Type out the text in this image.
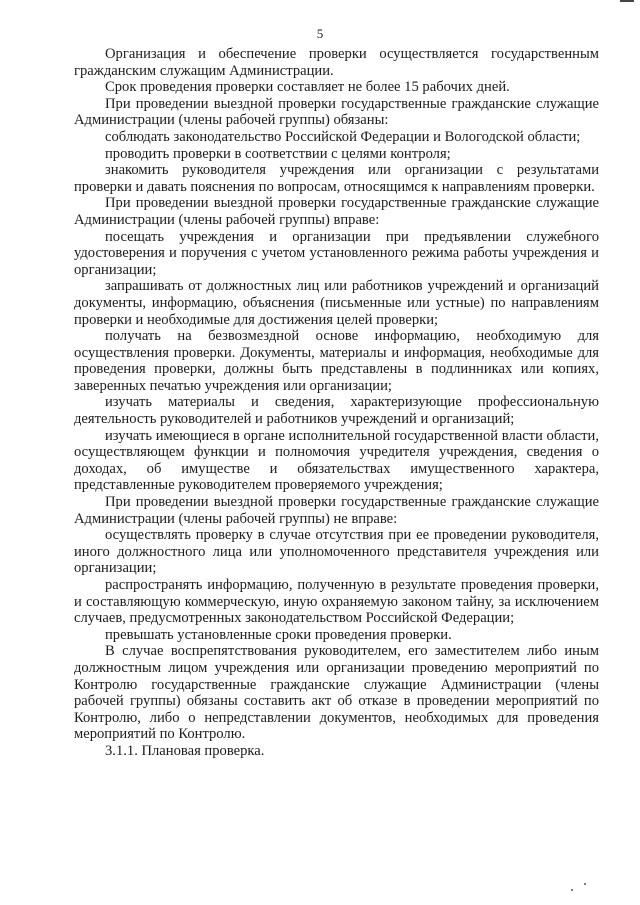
5

Организация и обеспечение проверки осуществляется государственным гражданским служащим Администрации.

Срок проведения проверки составляет не более 15 рабочих дней.

При проведении выездной проверки государственные гражданские служащие Администрации (члены рабочей группы) обязаны:

соблюдать законодательство Российской Федерации и Вологодской области;

проводить проверки в соответствии с целями контроля;

знакомить руководителя учреждения или организации с результатами проверки и давать пояснения по вопросам, относящимся к направлениям проверки.

При проведении выездной проверки государственные гражданские служащие Администрации (члены рабочей группы) вправе:

посещать учреждения и организации при предъявлении служебного удостоверения и поручения с учетом установленного режима работы учреждения и организации;

запрашивать от должностных лиц или работников учреждений и организаций документы, информацию, объяснения (письменные или устные) по направлениям проверки и необходимые для достижения целей проверки;

получать на безвозмездной основе информацию, необходимую для осуществления проверки. Документы, материалы и информация, необходимые для проведения проверки, должны быть представлены в подлинниках или копиях, заверенных печатью учреждения или организации;

изучать материалы и сведения, характеризующие профессиональную деятельность руководителей и работников учреждений и организаций;

изучать имеющиеся в органе исполнительной государственной власти области, осуществляющем функции и полномочия учредителя учреждения, сведения о доходах, об имуществе и обязательствах имущественного характера, представленные руководителем проверяемого учреждения;

При проведении выездной проверки государственные гражданские служащие Администрации (члены рабочей группы) не вправе:

осуществлять проверку в случае отсутствия при ее проведении руководителя, иного должностного лица или уполномоченного представителя учреждения или организации;

распространять информацию, полученную в результате проведения проверки, и составляющую коммерческую, иную охраняемую законом тайну, за исключением случаев, предусмотренных законодательством Российской Федерации;

превышать установленные сроки проведения проверки.

В случае воспрепятствования руководителем, его заместителем либо иным должностным лицом учреждения или организации проведению мероприятий по Контролю государственные гражданские служащие Администрации (члены рабочей группы) обязаны составить акт об отказе в проведении мероприятий по Контролю, либо о непредставлении документов, необходимых для проведения мероприятий по Контролю.

3.1.1. Плановая проверка.
